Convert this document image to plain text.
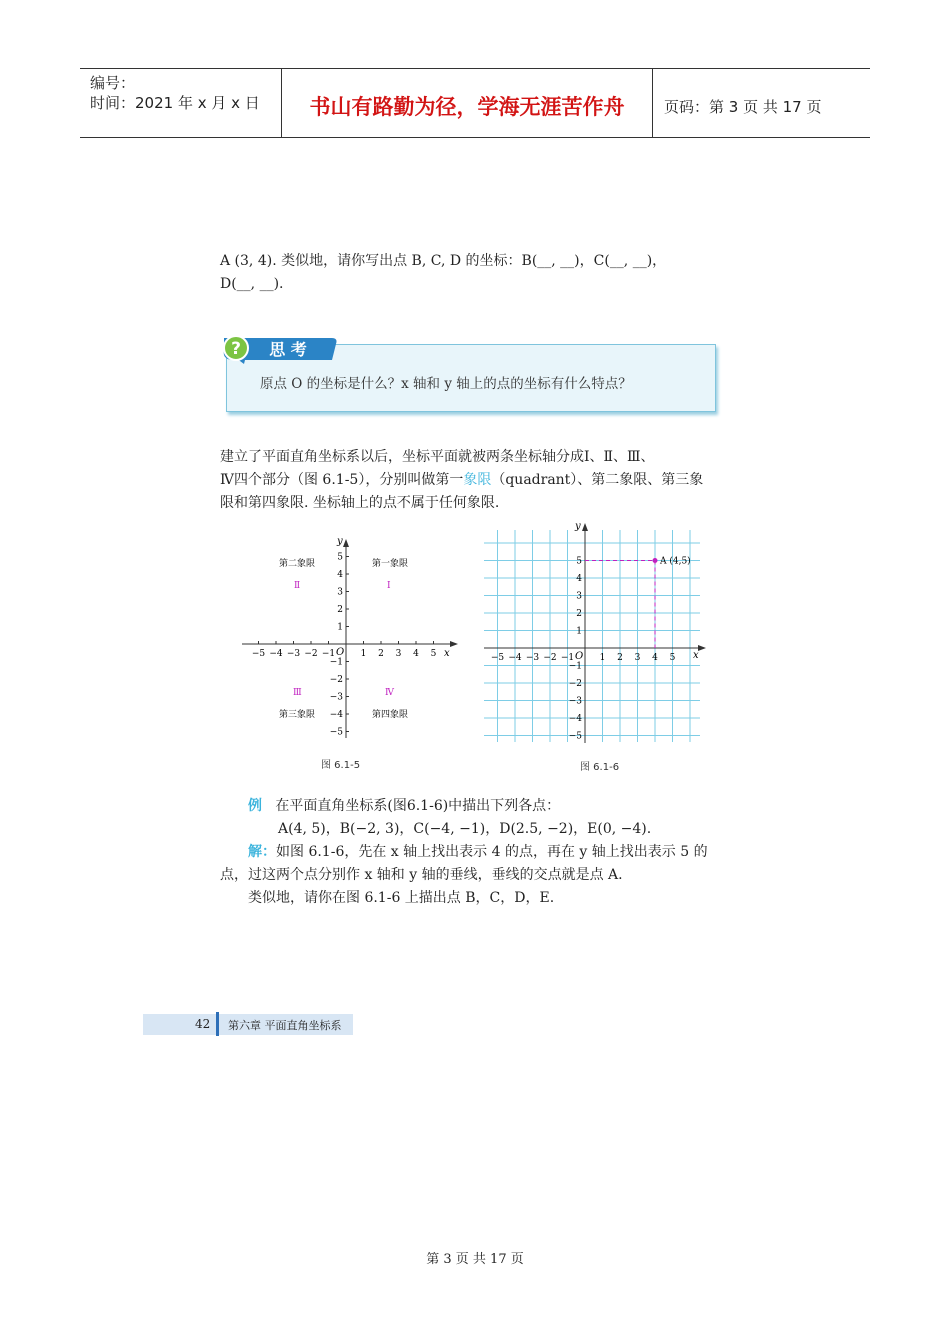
编号：
时间：2021 年 x 月 x 日	书山有路勤为径，学海无涯苦作舟	页码：第 3 页 共 17 页
A (3, 4). 类似地，请你写出点 B, C, D 的坐标：B(__, __)，C(__, __)，
D(__, __).
? 思 考
原点 O 的坐标是什么？x 轴和 y 轴上的点的坐标有什么特点？
建立了平面直角坐标系以后，坐标平面就被两条坐标轴分成Ⅰ、Ⅱ、Ⅲ、
Ⅳ四个部分（图 6.1-5），分别叫做第一象限（quadrant）、第二象限、第三象
限和第四象限. 坐标轴上的点不属于任何象限.
y
x
O
−5 −4 −3 −2 −1	1 2 3 4 5
5
4
3
2
1
−1
−2
−3
−4
−5
第二象限	第一象限
Ⅱ	Ⅰ
Ⅲ	Ⅳ
第三象限	第四象限
图 6.1-5
y
x
O
−5
−5
−4
−4
−3
−3
−2
−2
−1
−1
1
1
2
2
3
3
4
4
5
5	A (4,5)
图 6.1-6
例 在平面直角坐标系(图6.1-6)中描出下列各点：
A(4, 5)，B(−2, 3)，C(−4, −1)，D(2.5, −2)，E(0, −4).
解：如图 6.1-6，先在 x 轴上找出表示 4 的点，再在 y 轴上找出表示 5 的
点，过这两个点分别作 x 轴和 y 轴的垂线，垂线的交点就是点 A.
类似地，请你在图 6.1-6 上描出点 B，C，D，E.
42 第六章 平面直角坐标系
第 3 页 共 17 页
